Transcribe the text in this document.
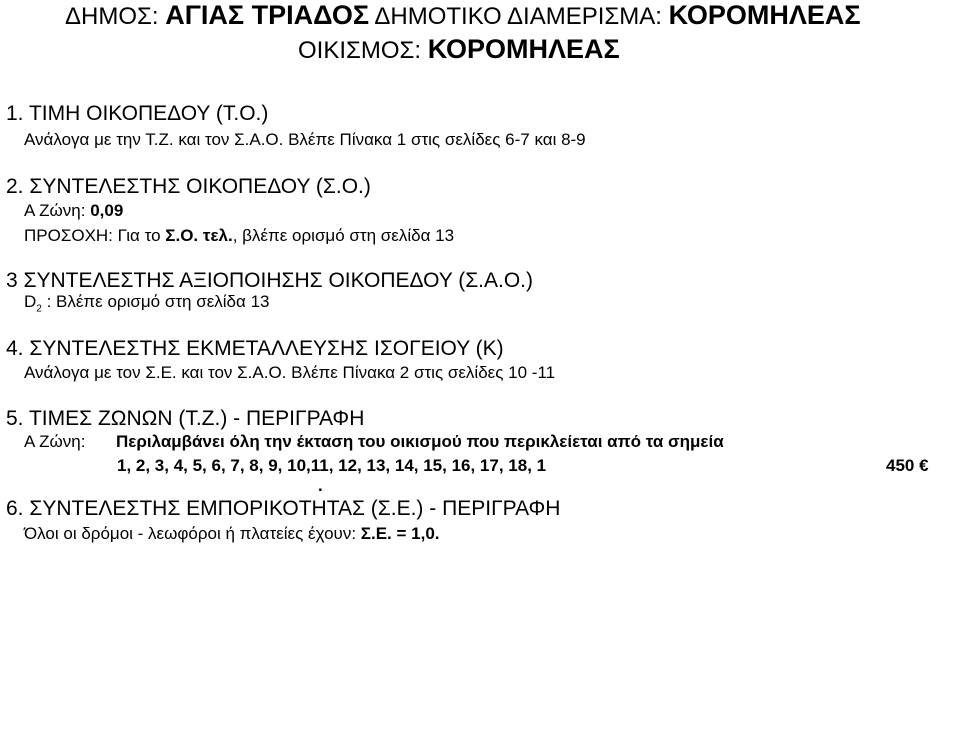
ΔΗΜΟΣ: ΑΓΙΑΣ ΤΡΙΑΔΟΣ ΔΗΜΟΤΙΚΟ ΔΙΑΜΕΡΙΣΜΑ: ΚΟΡΟΜΗΛΕΑΣ
ΟΙΚΙΣΜΟΣ: ΚΟΡΟΜΗΛΕΑΣ
1. ΤΙΜΗ ΟΙΚΟΠΕΔΟΥ (Τ.Ο.)
Ανάλογα με την Τ.Ζ. και τον Σ.Α.Ο. Βλέπε Πίνακα 1 στις σελίδες 6-7 και 8-9
2. ΣΥΝΤΕΛΕΣΤΗΣ ΟΙΚΟΠΕΔΟΥ (Σ.Ο.)
Α Ζώνη: 0,09
ΠΡΟΣΟΧΗ: Για το Σ.Ο. τελ., βλέπε ορισμό στη σελίδα 13
3 ΣΥΝΤΕΛΕΣΤΗΣ ΑΞΙΟΠΟΙΗΣΗΣ ΟΙΚΟΠΕΔΟΥ (Σ.Α.Ο.)
$D_2$ : Βλέπε ορισμό στη σελίδα 13
4. ΣΥΝΤΕΛΕΣΤΗΣ ΕΚΜΕΤΑΛΛΕΥΣΗΣ ΙΣΟΓΕΙΟΥ (Κ)
Ανάλογα με τον Σ.Ε. και τον Σ.Α.Ο. Βλέπε Πίνακα 2 στις σελίδες 10 -11
5. ΤΙΜΕΣ ΖΩΝΩΝ (Τ.Ζ.) - ΠΕΡΙΓΡΑΦΗ
Α Ζώνη: Περιλαμβάνει όλη την έκταση του οικισμού που περικλείεται από τα σημεία
1, 2, 3, 4, 5, 6, 7, 8, 9, 10,11, 12, 13, 14, 15, 16, 17, 18, 1	450 €
.
6. ΣΥΝΤΕΛΕΣΤΗΣ ΕΜΠΟΡΙΚΟΤΗΤΑΣ (Σ.Ε.) - ΠΕΡΙΓΡΑΦΗ
Όλοι οι δρόμοι - λεωφόροι ή πλατείες έχουν: Σ.Ε. = 1,0.
